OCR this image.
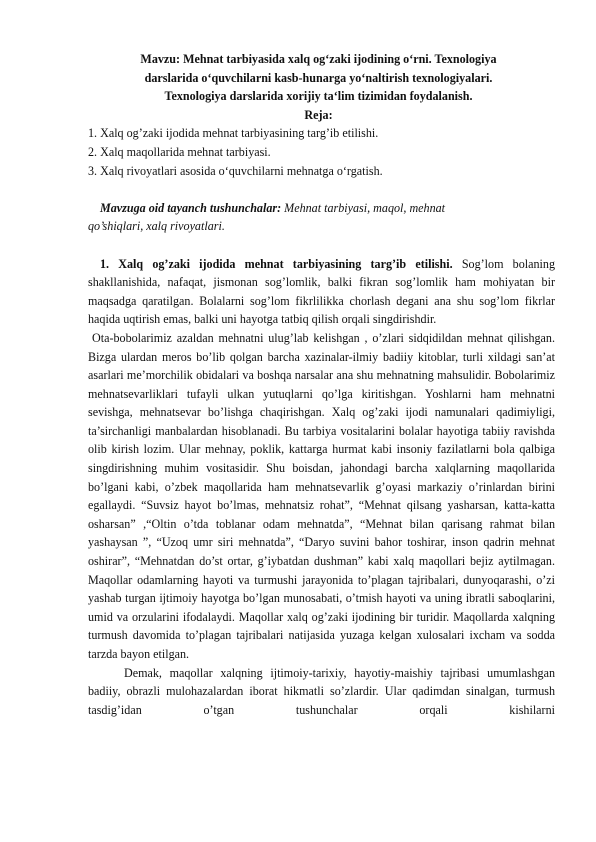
Mavzu: Mehnat tarbiyasida xalq og‘zaki ijodining o‘rni. Texnologiya
darslarida o‘quvchilarni kasb-hunarga yo‘naltirish texnologiyalari.
Texnologiya darslarida xorijiy ta‘lim tizimidan foydalanish.
Reja:
1. Xalq og’zaki ijodida mehnat tarbiyasining targ’ib etilishi.
2. Xalq maqollarida mehnat tarbiyasi.
3. Xalq rivoyatlari asosida o‘quvchilarni mehnatga o‘rgatish.
Mavzuga oid tayanch tushunchalar: Mehnat tarbiyasi, maqol, mehnat
qo’shiqlari, xalq rivoyatlari.

1. Xalq og’zaki ijodida mehnat tarbiyasining targ’ib etilishi. Sog’lom bolaning shakllanishida, nafaqat, jismonan sog’lomlik, balki fikran sog’lomlik ham mohiyatan bir maqsadga qaratilgan. Bolalarni sog’lom fikrlilikka chorlash degani ana shu sog’lom fikrlar haqida uqtirish emas, balki uni hayotga tatbiq qilish orqali singdirishdir.

Ota-bobolarimiz azaldan mehnatni ulug’lab kelishgan , o’zlari sidqidildan mehnat qilishgan. Bizga ulardan meros bo’lib qolgan barcha xazinalar-ilmiy badiiy kitoblar, turli xildagi san’at asarlari me’morchilik obidalari va boshqa narsalar ana shu mehnatning mahsulidir. Bobolarimiz mehnatsevarliklari tufayli ulkan yutuqlarni qo’lga kiritishgan. Yoshlarni ham mehnatni sevishga, mehnatsevar bo’lishga chaqirishgan. Xalq og’zaki ijodi namunalari qadimiyligi, ta’sirchanligi manbalardan hisoblanadi. Bu tarbiya vositalarini bolalar hayotiga tabiiy ravishda olib kirish lozim. Ular mehnay, poklik, kattarga hurmat kabi insoniy fazilatlarni bola qalbiga singdirishning muhim vositasidir. Shu boisdan, jahondagi barcha xalqlarning maqollarida bo’lgani kabi, o’zbek maqollarida ham mehnatsevarlik g’oyasi markaziy o’rinlardan birini egallaydi. “Suvsiz hayot bo’lmas, mehnatsiz rohat”, “Mehnat qilsang yasharsan, katta-katta osharsan” ,“Oltin o’tda toblanar odam mehnatda”, “Mehnat bilan qarisang rahmat bilan yashaysan ”, “Uzoq umr siri mehnatda”, “Daryo suvini bahor toshirar, inson qadrin mehnat oshirar”, “Mehnatdan do’st ortar, g’iybatdan dushman” kabi xalq maqollari bejiz aytilmagan. Maqollar odamlarning hayoti va turmushi jarayonida to’plagan tajribalari, dunyoqarashi, o’zi yashab turgan ijtimoiy hayotga bo’lgan munosabati, o’tmish hayoti va uning ibratli saboqlarini, umid va orzularini ifodalaydi. Maqollar xalq og’zaki ijodining bir turidir. Maqollarda xalqning turmush davomida to’plagan tajribalari natijasida yuzaga kelgan xulosalari ixcham va sodda tarzda bayon etilgan.

Demak, maqollar xalqning ijtimoiy-tarixiy, hayotiy-maishiy tajribasi umumlashgan badiiy, obrazli mulohazalardan iborat hikmatli so’zlardir. Ular qadimdan sinalgan, turmush tasdig’idan o’tgan tushunchalar orqali kishilarni
